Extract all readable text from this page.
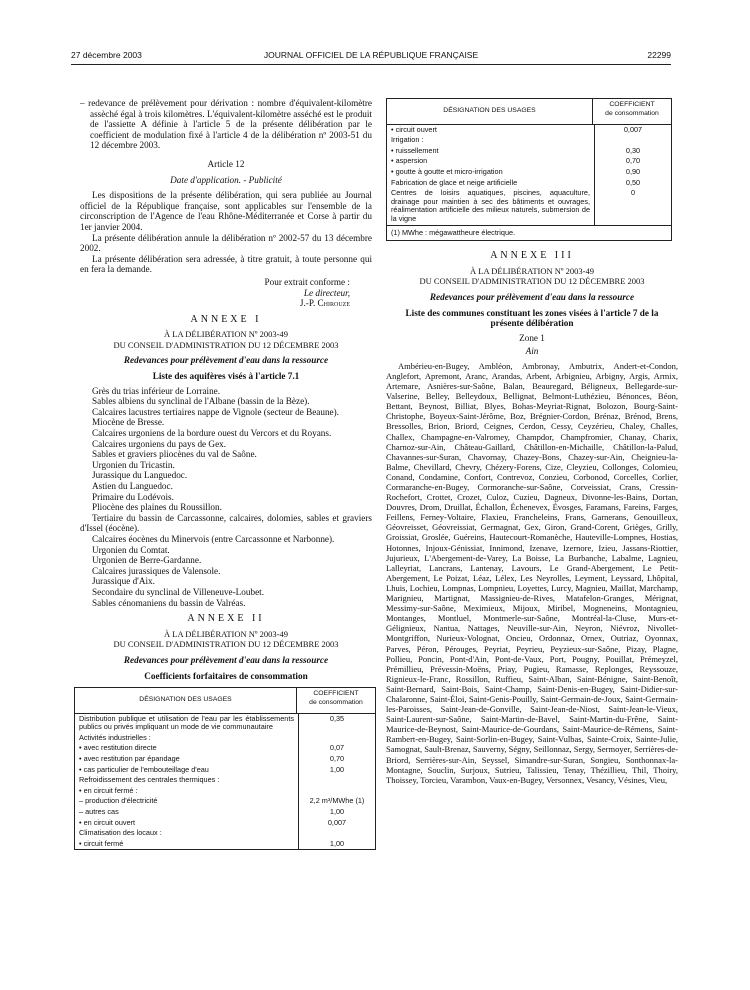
27 décembre 2003	JOURNAL OFFICIEL DE LA RÉPUBLIQUE FRANÇAISE	22299

– redevance de prélèvement pour dérivation : nombre d'équivalent-kilomètre assèché égal à trois kilomètres. L'équivalent-kilomètre asséché est le produit de l'assiette A définie à l'article 5 de la présente délibération par le coefficient de modulation fixé à l'article 4 de la délibération nº 2003-51 du 12 décembre 2003.

Article 12

Date d'application. - Publicité

Les dispositions de la présente délibération, qui sera publiée au Journal officiel de la République française, sont applicables sur l'ensemble de la circonscription de l'Agence de l'eau Rhône-Méditerranée et Corse à partir du 1er janvier 2004.

La présente délibération annule la délibération nº 2002-57 du 13 décembre 2002.

La présente délibération sera adressée, à titre gratuit, à toute personne qui en fera la demande.

Pour extrait conforme :

Le directeur,

J.-P. Chirouze

ANNEXE I

À LA DÉLIBÉRATION Nº 2003-49

DU CONSEIL D'ADMINISTRATION DU 12 DÉCEMBRE 2003

Redevances pour prélèvement d'eau dans la ressource

Liste des aquifères visés à l'article 7.1

Grès du trias inférieur de Lorraine.

Sables albiens du synclinal de l'Albane (bassin de la Bèze).

Calcaires lacustres tertiaires nappe de Vignole (secteur de Beaune).

Miocène de Bresse.

Calcaires urgoniens de la bordure ouest du Vercors et du Royans.

Calcaires urgoniens du pays de Gex.

Sables et graviers pliocènes du val de Saône.

Urgonien du Tricastin.

Jurassique du Languedoc.

Astien du Languedoc.

Primaire du Lodévois.

Pliocène des plaines du Roussillon.

Tertiaire du bassin de Carcassonne, calcaires, dolomies, sables et graviers d'Issel (éocène).

Calcaires éocènes du Minervois (entre Carcassonne et Narbonne).

Urgonien du Comtat.

Urgonien de Berre-Gardanne.

Calcaires jurassiques de Valensole.

Jurassique d'Aix.

Secondaire du synclinal de Villeneuve-Loubet.

Sables cénomaniens du bassin de Valréas.

ANNEXE II

À LA DÉLIBÉRATION Nº 2003-49

DU CONSEIL D'ADMINISTRATION DU 12 DÉCEMBRE 2003

Redevances pour prélèvement d'eau dans la ressource

Coefficients forfaitaires de consommation

DÉSIGNATION DES USAGES
COEFFICIENT
de consommation
Distribution publique et utilisation de l'eau par les établissements publics ou privés impliquant un mode de vie communautaire
0,35
Activités industrielles :
• avec restitution directe	0,07
• avec restitution par épandage	0,70
• cas particulier de l'embouteillage d'eau	1,00
Refroidissement des centrales thermiques :
• en circuit fermé :
– production d'électricité	2,2 m³/MWhe (1)
– autres cas	1,00
• en circuit ouvert	0,007
Climatisation des locaux :
• circuit fermé	1,00
DÉSIGNATION DES USAGES
COEFFICIENT
de consommation
• circuit ouvert	0,007
Irrigation :
• ruissellement	0,30
• aspersion	0,70
• goutte à goutte et micro-irrigation	0,90
Fabrication de glace et neige artificielle	0,50
Centres de loisirs aquatiques, piscines, aquaculture, drainage pour maintien à sec des bâtiments et ouvrages, réalimentation artificielle des milieux naturels, submersion de la vigne
0
(1) MWhe : mégawattheure électrique.

ANNEXE III

À LA DÉLIBÉRATION Nº 2003-49

DU CONSEIL D'ADMINISTRATION DU 12 DÉCEMBRE 2003

Redevances pour prélèvement d'eau dans la ressource

Liste des communes constituant les zones visées à l'article 7 de la présente délibération

Zone 1

Ain

Ambérieu-en-Bugey, Ambléon, Ambronay, Ambutrix, Andert-et-Condon, Anglefort, Apremont, Aranc, Arandas, Arbent, Arbignieu, Arbigny, Argis, Armix, Artemare, Asnières-sur-Saône, Balan, Beauregard, Béligneux, Bellegarde-sur-Valserine, Belley, Belleydoux, Bellignat, Belmont-Luthézieu, Bénonces, Béon, Bettant, Beynost, Billiat, Blyes, Bohas-Meyriat-Rignat, Bolozon, Bourg-Saint-Christophe, Boyeux-Saint-Jérôme, Boz, Brégnier-Cordon, Brénaz, Brénod, Brens, Bressolles, Brion, Briord, Ceignes, Cerdon, Cessy, Ceyzérieu, Chaley, Challes, Challex, Champagne-en-Valromey, Champdor, Champfromier, Chanay, Charix, Charnoz-sur-Ain, Château-Gaillard, Châtillon-en-Michaille, Châtillon-la-Palud, Chavannes-sur-Suran, Chavornay, Chazey-Bons, Chazey-sur-Ain, Cheignieu-la-Balme, Chevillard, Chevry, Chézery-Forens, Cize, Cleyzieu, Collonges, Colomieu, Conand, Condamine, Confort, Contrevoz, Conzieu, Corbonod, Corcelles, Corlier, Cormaranche-en-Bugey, Cormoranche-sur-Saône, Corveissiat, Crans, Cressin-Rochefort, Crottet, Crozet, Culoz, Cuzieu, Dagneux, Divonne-les-Bains, Dortan, Douvres, Drom, Druillat, Échallon, Échenevex, Évosges, Faramans, Fareins, Farges, Feillens, Ferney-Voltaire, Flaxieu, Francheleins, Frans, Garnerans, Genouilleux, Géovreisset, Géovreissiat, Germagnat, Gex, Giron, Grand-Corent, Grièges, Grilly, Groissiat, Groslée, Guéreins, Hautecourt-Romanèche, Hauteville-Lompnes, Hostias, Hotonnes, Injoux-Génissiat, Innimond, Izenave, Izernore, Izieu, Jassans-Riottier, Jujurieux, L'Abergement-de-Varey, La Boisse, La Burbanche, Labalme, Lagnieu, Lalleyriat, Lancrans, Lantenay, Lavours, Le Grand-Abergement, Le Petit-Abergement, Le Poizat, Léaz, Lélex, Les Neyrolles, Leyment, Leyssard, Lhôpital, Lhuis, Lochieu, Lompnas, Lompnieu, Loyettes, Lurcy, Magnieu, Maillat, Marchamp, Marignieu, Martignat, Massignieu-de-Rives, Matafelon-Granges, Mérignat, Messimy-sur-Saône, Meximieux, Mijoux, Miribel, Mogneneins, Montagnieu, Montanges, Montluel, Montmerle-sur-Saône, Montréal-la-Cluse, Murs-et-Gélignieux, Nantua, Nattages, Neuville-sur-Ain, Neyron, Niévroz, Nivollet-Montgriffon, Nurieux-Volognat, Oncieu, Ordonnaz, Ornex, Outriaz, Oyonnax, Parves, Péron, Pérouges, Peyriat, Peyrieu, Peyzieux-sur-Saône, Pizay, Plagne, Pollieu, Poncin, Pont-d'Ain, Pont-de-Vaux, Port, Pougny, Pouillat, Prémeyzel, Prémillieu, Prévessin-Moëns, Priay, Pugieu, Ramasse, Replonges, Reyssouze, Rignieux-le-Franc, Rossillon, Ruffieu, Saint-Alban, Saint-Bénigne, Saint-Benoît, Saint-Bernard, Saint-Bois, Saint-Champ, Saint-Denis-en-Bugey, Saint-Didier-sur-Chalaronne, Saint-Éloi, Saint-Genis-Pouilly, Saint-Germain-de-Joux, Saint-Germain-les-Paroisses, Saint-Jean-de-Gonville, Saint-Jean-de-Niost, Saint-Jean-le-Vieux, Saint-Laurent-sur-Saône, Saint-Martin-de-Bavel, Saint-Martin-du-Frêne, Saint-Maurice-de-Beynost, Saint-Maurice-de-Gourdans, Saint-Maurice-de-Rémens, Saint-Rambert-en-Bugey, Saint-Sorlin-en-Bugey, Saint-Vulbas, Sainte-Croix, Sainte-Julie, Samognat, Sault-Brenaz, Sauverny, Ségny, Seillonnaz, Sergy, Sermoyer, Serrières-de-Briord, Serrières-sur-Ain, Seyssel, Simandre-sur-Suran, Songieu, Sonthonnax-la-Montagne, Souclin, Surjoux, Sutrieu, Talissieu, Tenay, Thézillieu, Thil, Thoiry, Thoissey, Torcieu, Varambon, Vaux-en-Bugey, Versonnex, Vesancy, Vésines, Vieu,
